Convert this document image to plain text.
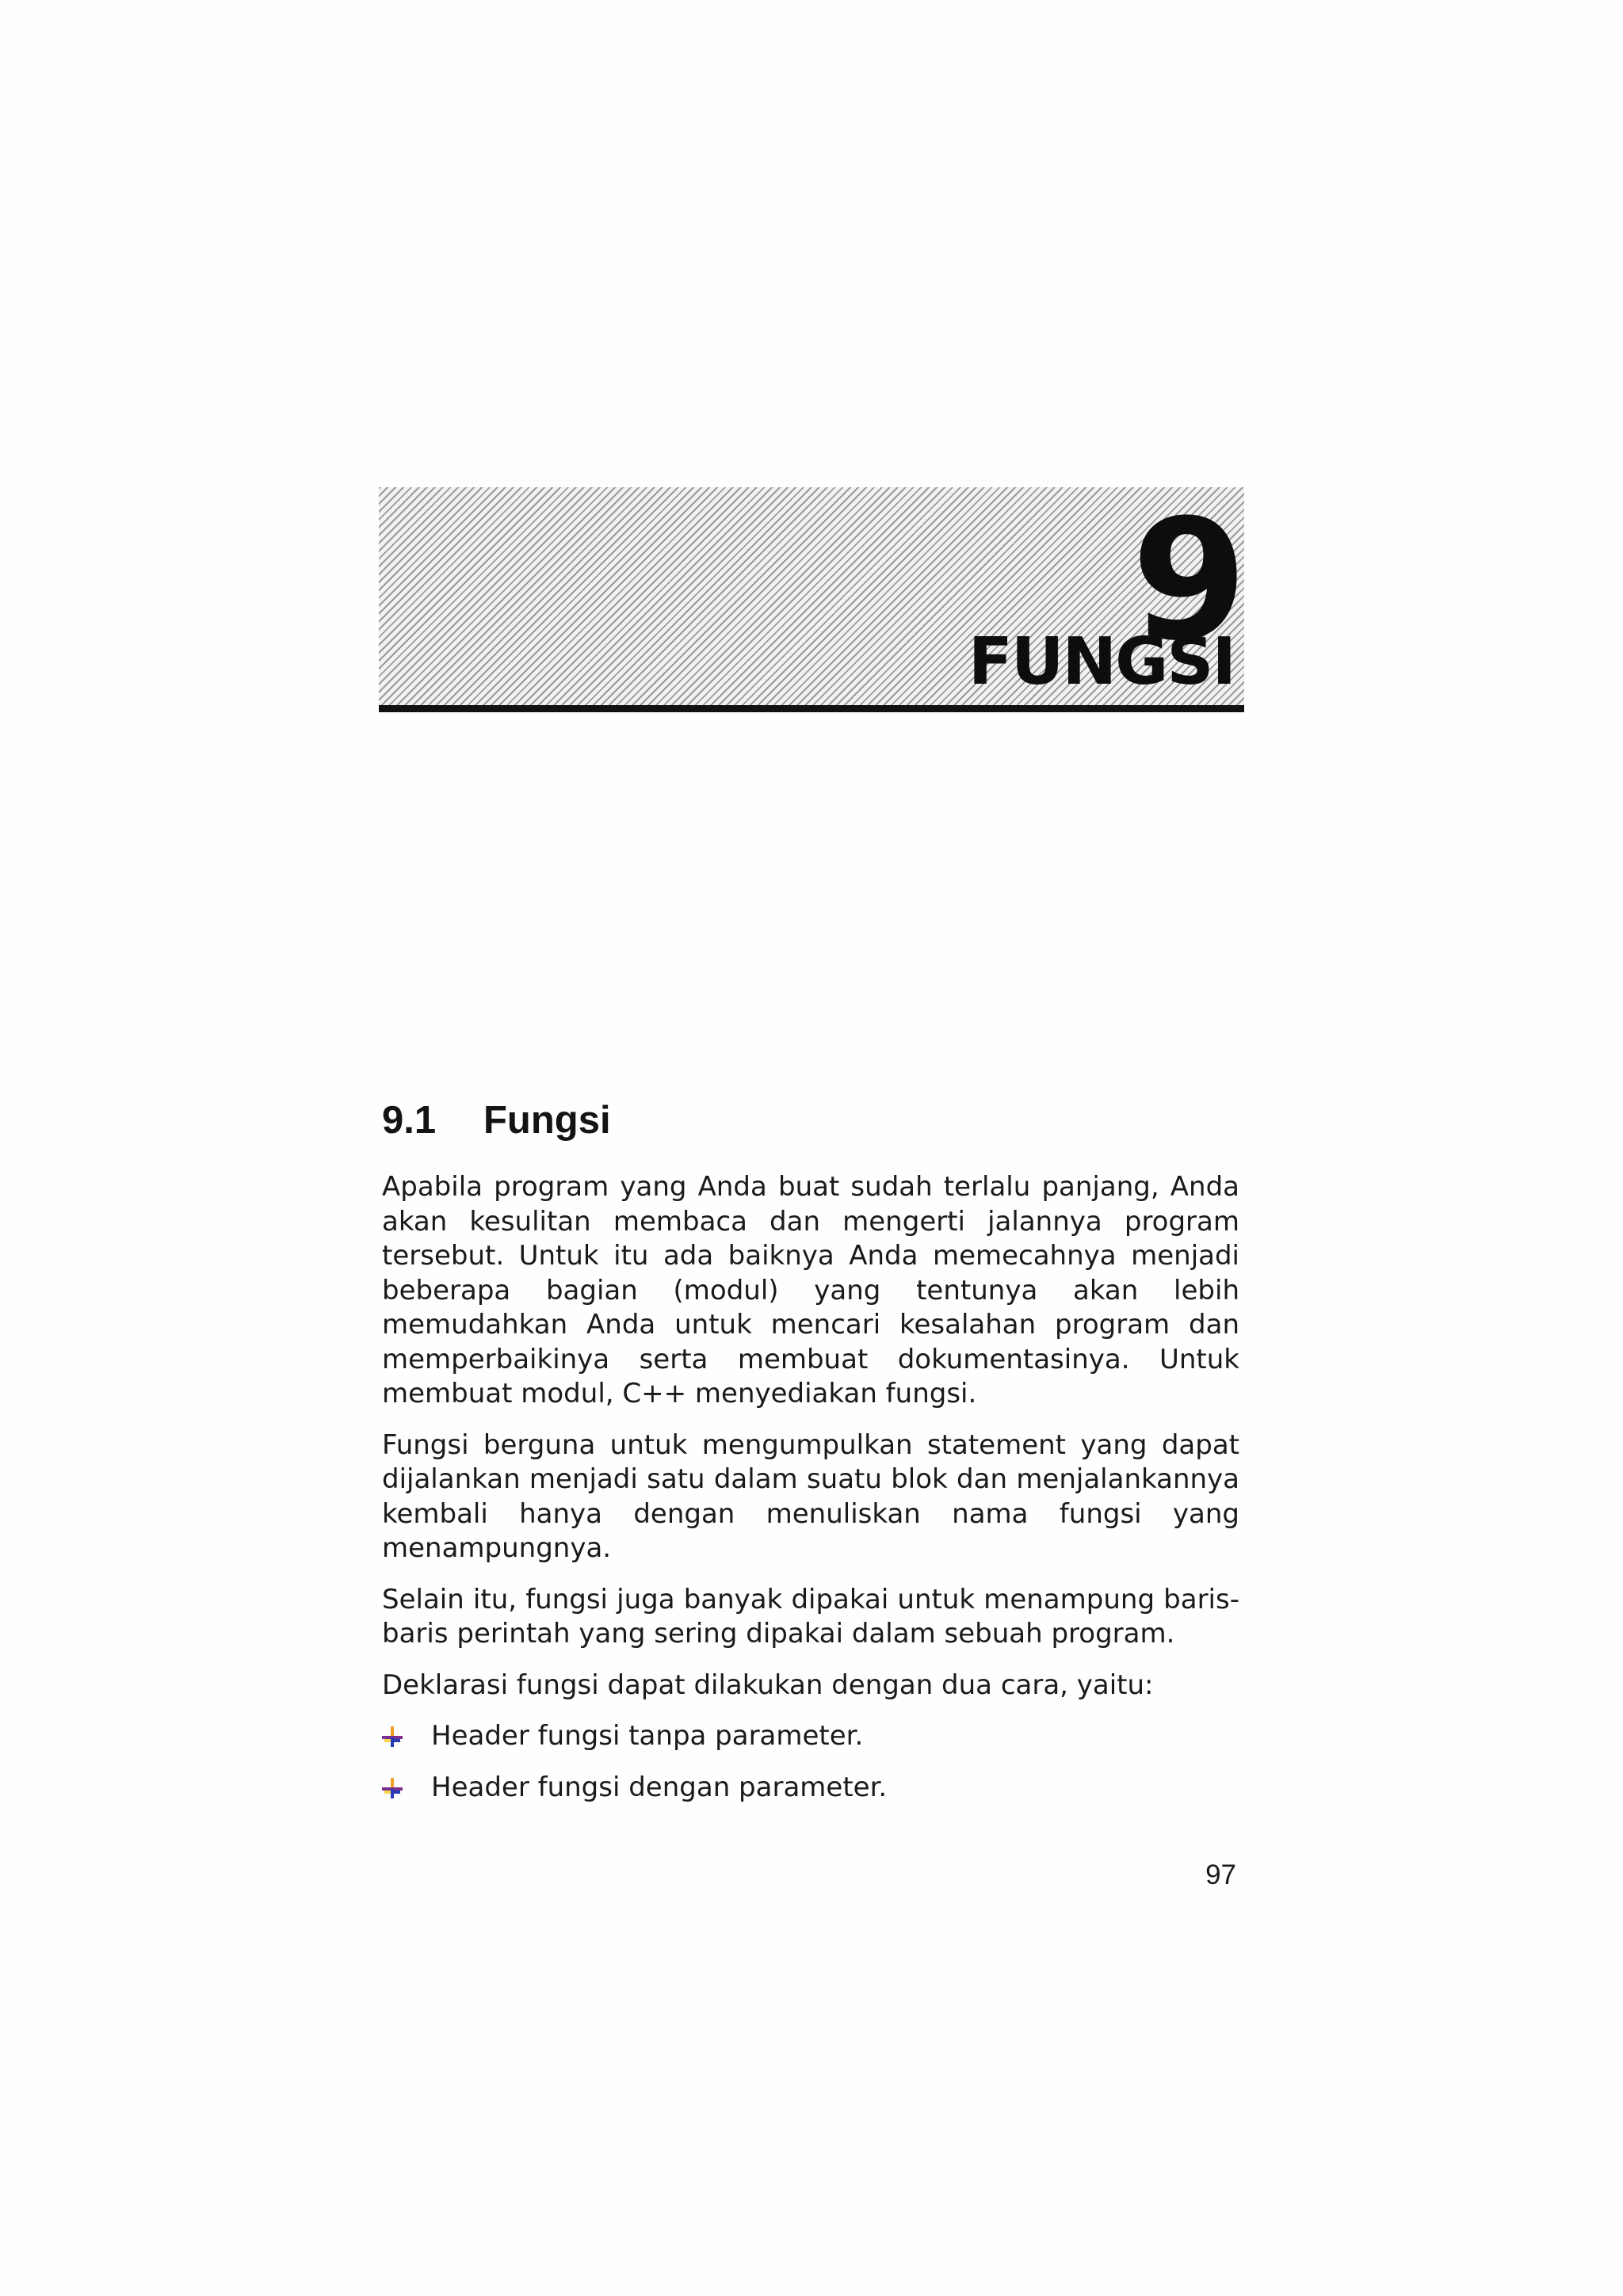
9
FUNGSI
9.1 Fungsi

Apabila program yang Anda buat sudah terlalu panjang, Anda akan kesulitan membaca dan mengerti jalannya program tersebut. Untuk itu ada baiknya Anda memecahnya menjadi beberapa bagian (modul) yang tentunya akan lebih memudahkan Anda untuk mencari kesalahan program dan memperbaikinya serta membuat dokumentasinya. Untuk membuat modul, C++ menyediakan fungsi.

Fungsi berguna untuk mengumpulkan statement yang dapat dijalankan menjadi satu dalam suatu blok dan menjalankannya kembali hanya dengan menuliskan nama fungsi yang menampungnya.

Selain itu, fungsi juga banyak dipakai untuk menampung baris-baris perintah yang sering dipakai dalam sebuah program.

Deklarasi fungsi dapat dilakukan dengan dua cara, yaitu:

Header fungsi tanpa parameter.
Header fungsi dengan parameter.
97
